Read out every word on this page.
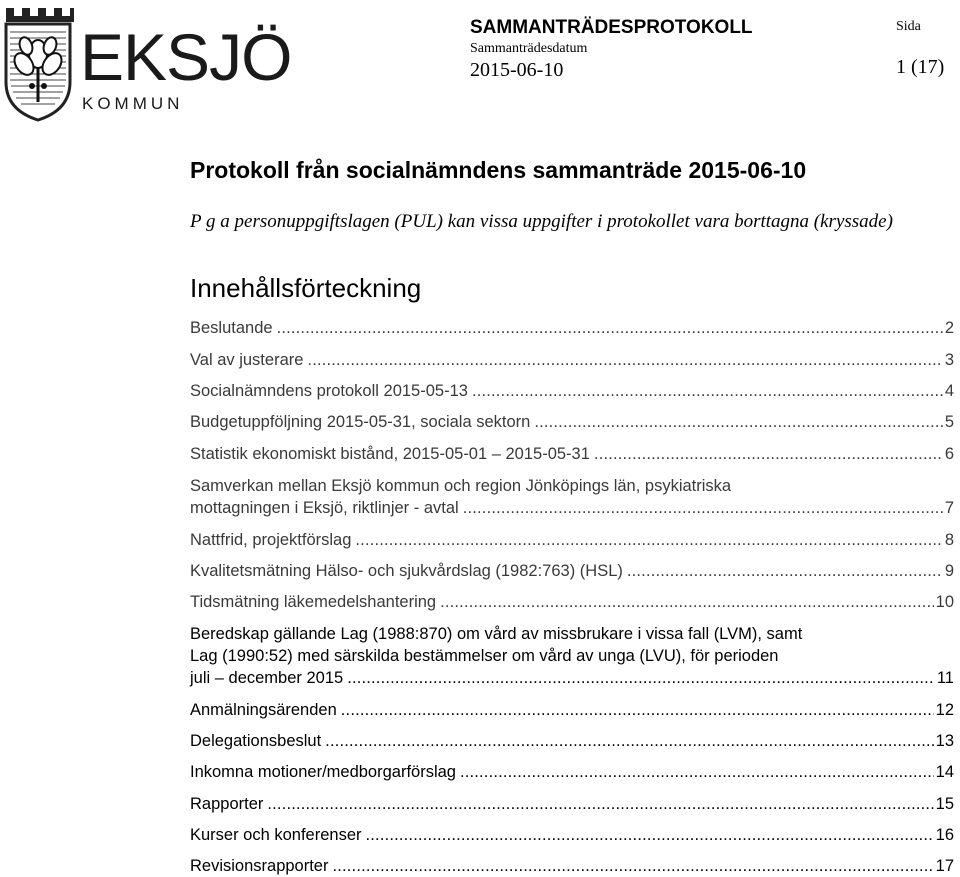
EKSJÖ
KOMMUN
SAMMANTRÄDESPROTOKOLL
Sammanträdesdatum
2015-06-10
Sida
1 (17)
Protokoll från socialnämndens sammanträde 2015-06-10
P g a personuppgiftslagen (PUL) kan vissa uppgifter i protokollet vara borttagna (kryssade)
Innehållsförteckning
Beslutande . . .	2
Val av justerare . . .	3
Socialnämndens protokoll 2015-05-13 . . .	4
Budgetuppföljning 2015-05-31, sociala sektorn . . .	5
Statistik ekonomiskt bistånd, 2015-05-01 – 2015-05-31 . . .	6
Samverkan mellan Eksjö kommun och region Jönköpings län, psykiatriska
mottagningen i Eksjö, riktlinjer - avtal . . .	7
Nattfrid, projektförslag . . .	8
Kvalitetsmätning Hälso- och sjukvårdslag (1982:763) (HSL) . . .	9
Tidsmätning läkemedelshantering . . .	10
Beredskap gällande Lag (1988:870) om vård av missbrukare i vissa fall (LVM), samt
Lag (1990:52) med särskilda bestämmelser om vård av unga (LVU), för perioden
juli – december 2015 . . .	11
Anmälningsärenden . . .	12
Delegationsbeslut . . .	13
Inkomna motioner/medborgarförslag . . .	14
Rapporter . . .	15
Kurser och konferenser . . .	16
Revisionsrapporter . . .	17
